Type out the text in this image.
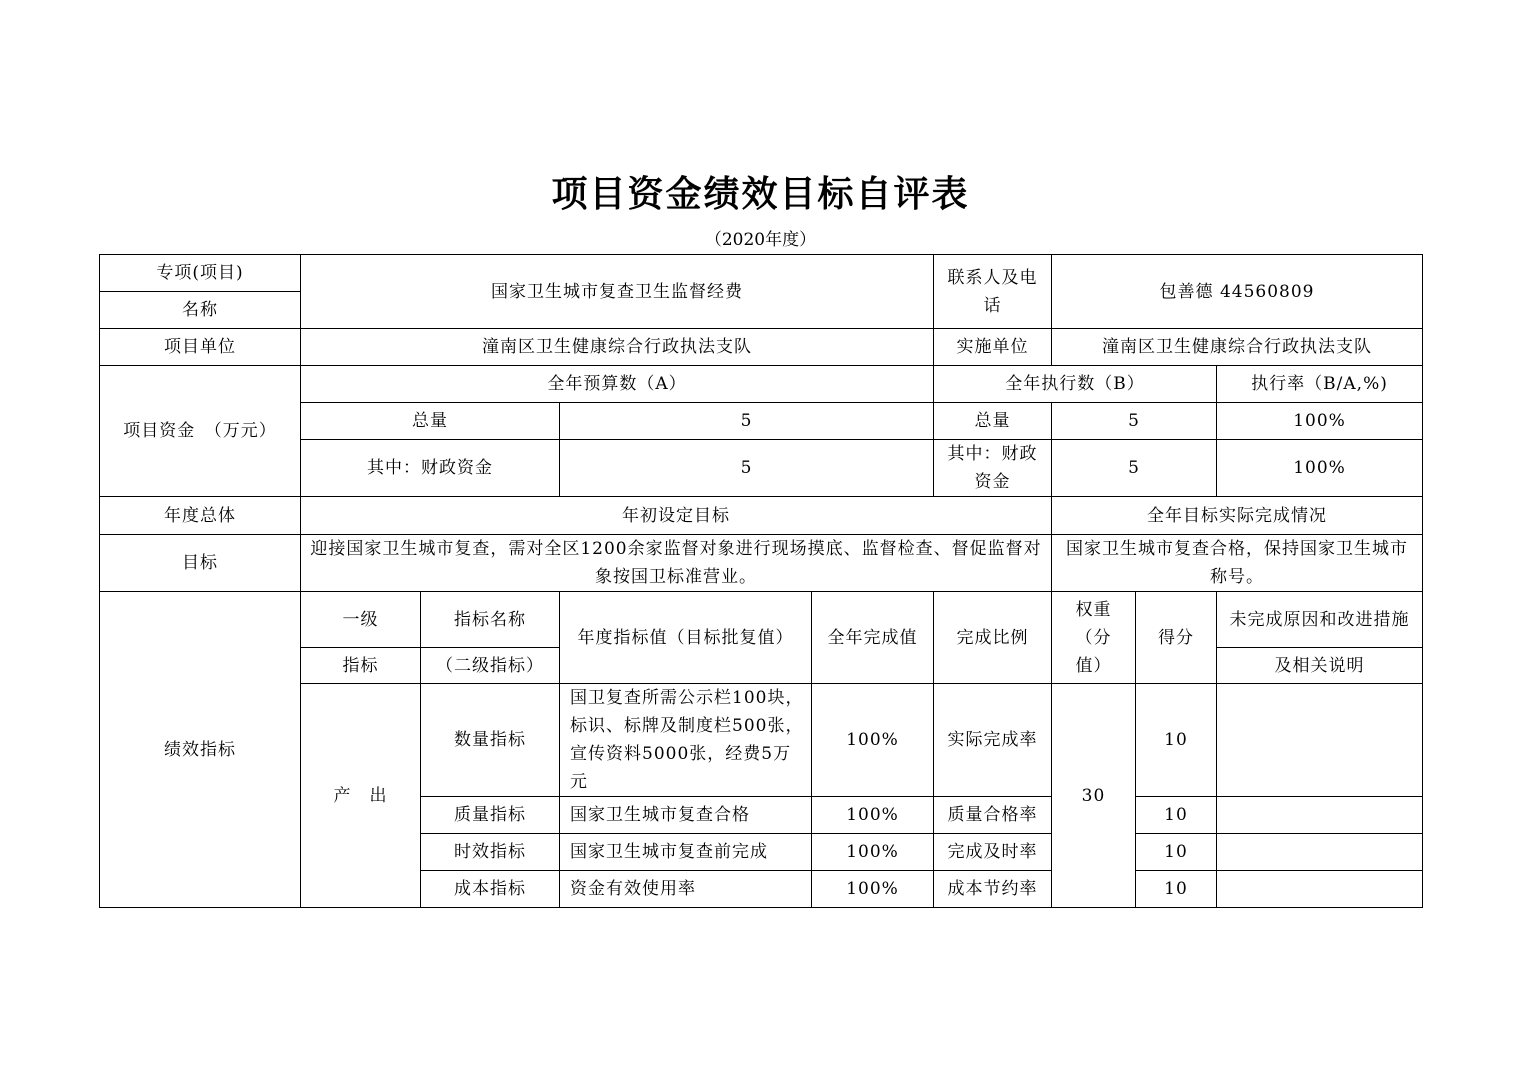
项目资金绩效目标自评表
（2020年度）
专项(项目)	国家卫生城市复查卫生监督经费				联系人及电话	包善德 44560809		
名称								
项目单位	潼南区卫生健康综合行政执法支队				实施单位	潼南区卫生健康综合行政执法支队		
项目资金　（万元）	全年预算数（A）				全年执行数（B）			执行率（B/A,%)
	总量		5		总量	5		100%
	其中：财政资金		5		其中：财政资金	5		100%
年度总体	年初设定目标					全年目标实际完成情况		
目标	迎接国家卫生城市复查，需对全区1200余家监督对象进行现场摸底、监督检查、督促监督对象按国卫标准营业。					国家卫生城市复查合格，保持国家卫生城市称号。		
绩效指标	一级	指标名称	年度指标值（目标批复值）	全年完成值	完成比例	权重（分值）	得分	未完成原因和改进措施
	指标	（二级指标）						及相关说明
	产　出	数量指标	国卫复查所需公示栏100块，标识、标牌及制度栏500张，宣传资料5000张，经费5万元	100%	实际完成率	30	10	
		质量指标	国家卫生城市复查合格	100%	质量合格率		10	
		时效指标	国家卫生城市复查前完成	100%	完成及时率		10	
		成本指标	资金有效使用率	100%	成本节约率		10	
